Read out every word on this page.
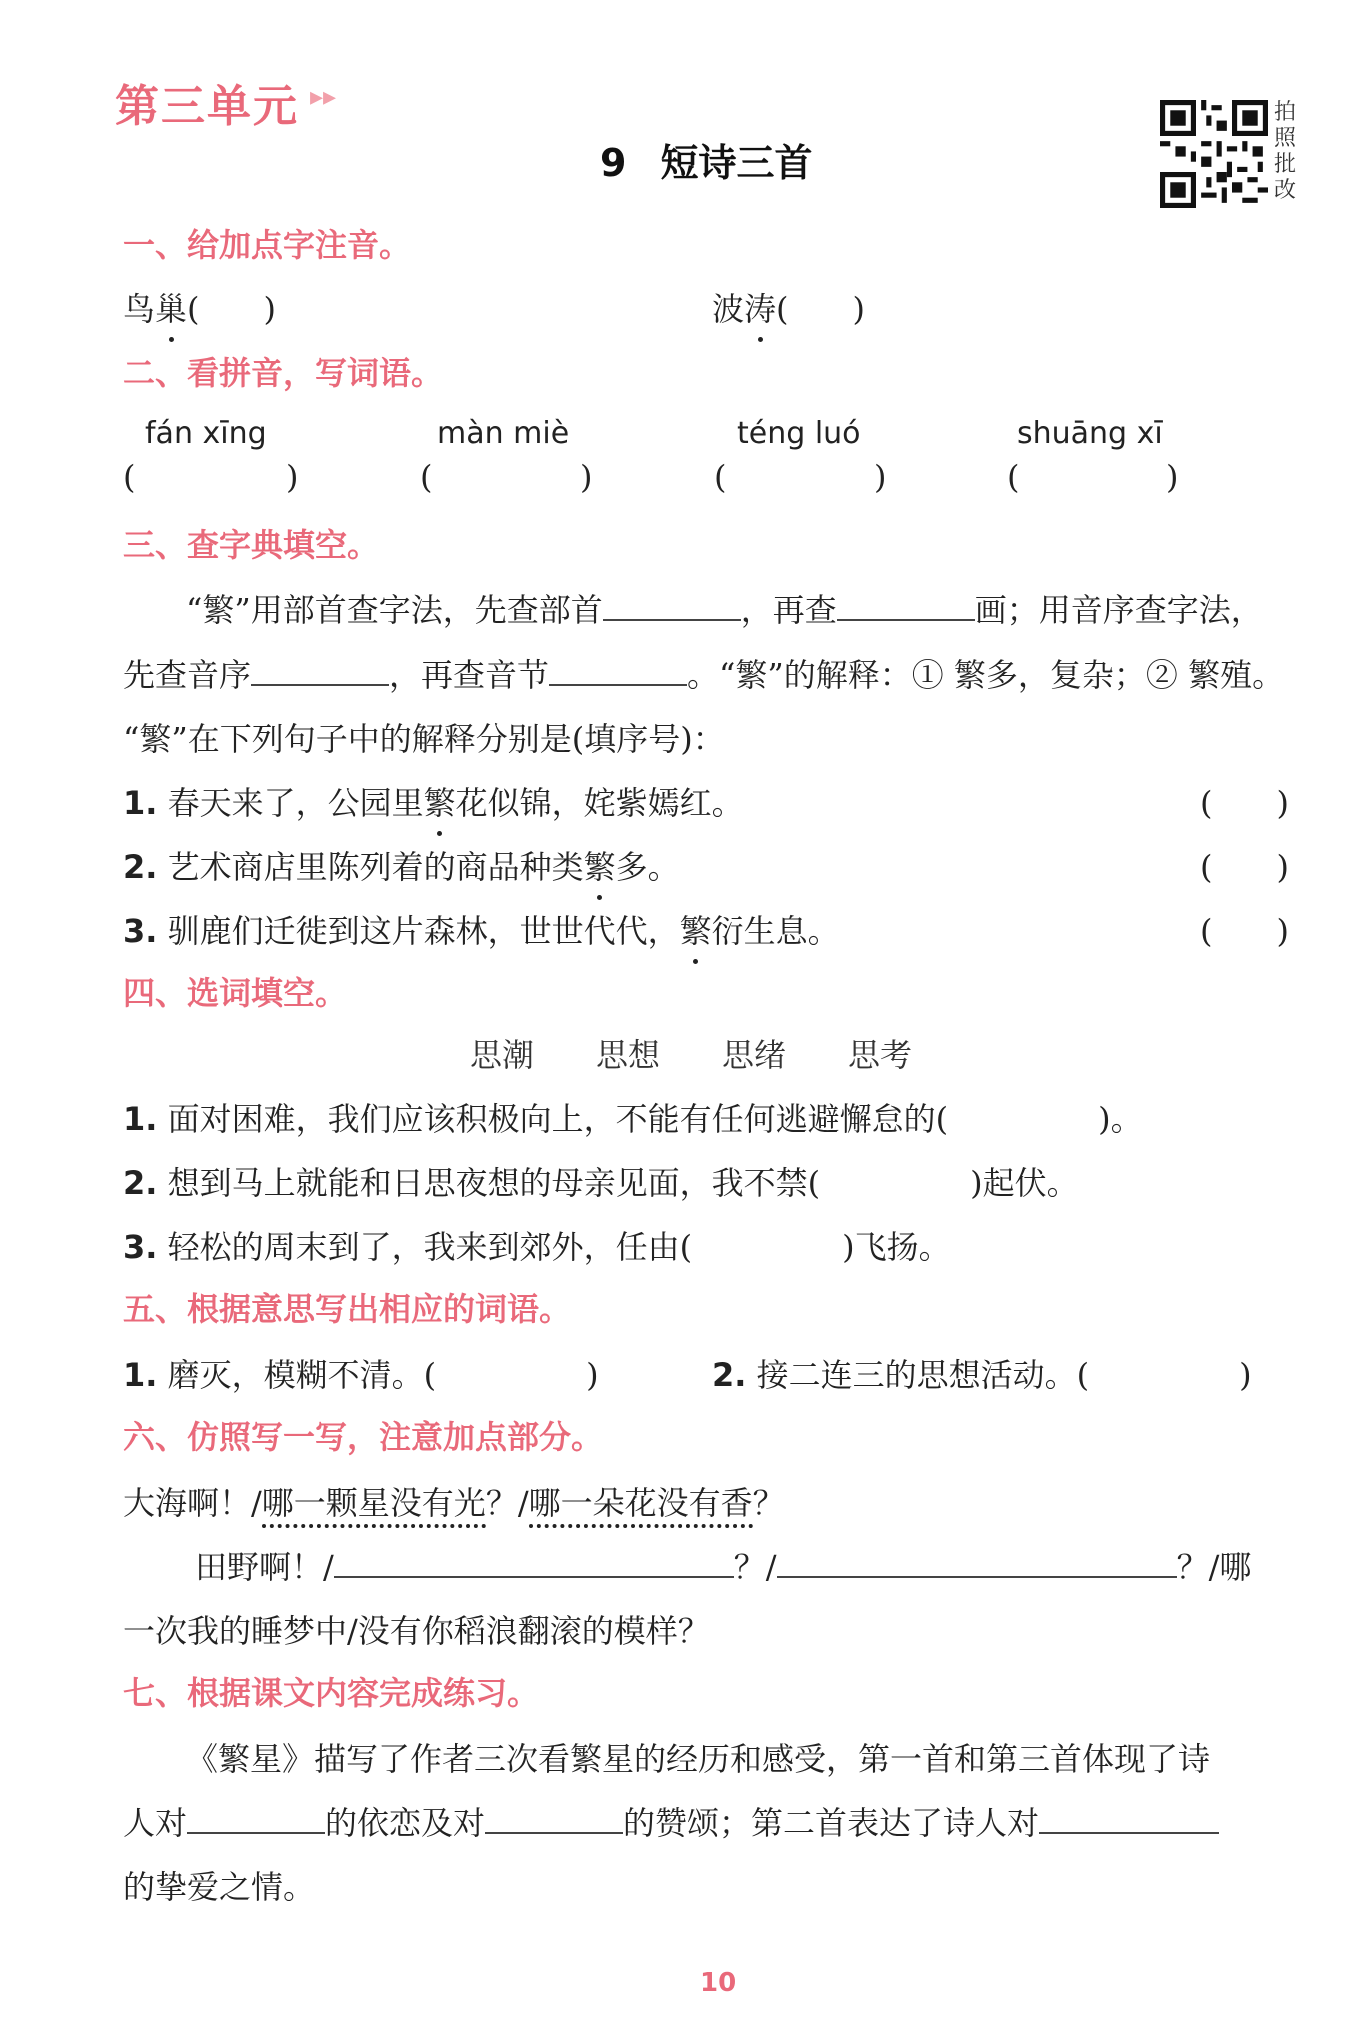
第三单元 ▸▸
9 短诗三首
拍照批改
一、给加点字注音。
鸟巢(　　)	波涛(　　)
二、看拼音，写词语。
fán xīng	màn miè	téng luó	shuāng xī
(	)	(	)	(	)	(	)
三、查字典填空。
“繁”用部首查字法，先查部首	，再查	画；用音序查字法，
先查音序	，再查音节	。“繁”的解释：① 繁多，复杂；② 繁殖。
“繁”在下列句子中的解释分别是(填序号)：
1. 春天来了，公园里繁花似锦，姹紫嫣红。	(　　)
2. 艺术商店里陈列着的商品种类繁多。	(　　)
3. 驯鹿们迁徙到这片森林，世世代代，繁衍生息。	(　　)
四、选词填空。
思潮 思想 思绪 思考
1. 面对困难，我们应该积极向上，不能有任何逃避懈怠的(	)。
2. 想到马上就能和日思夜想的母亲见面，我不禁(	)起伏。
3. 轻松的周末到了，我来到郊外，任由(	)飞扬。
五、根据意思写出相应的词语。
1. 磨灭，模糊不清。(	)	2. 接二连三的思想活动。(	)
六、仿照写一写，注意加点部分。
大海啊！/哪一颗星没有光？/哪一朵花没有香？
田野啊！/	？/	？/哪
一次我的睡梦中/没有你稻浪翻滚的模样？
七、根据课文内容完成练习。
《繁星》描写了作者三次看繁星的经历和感受，第一首和第三首体现了诗
人对	的依恋及对	的赞颂；第二首表达了诗人对
的挚爱之情。
10
